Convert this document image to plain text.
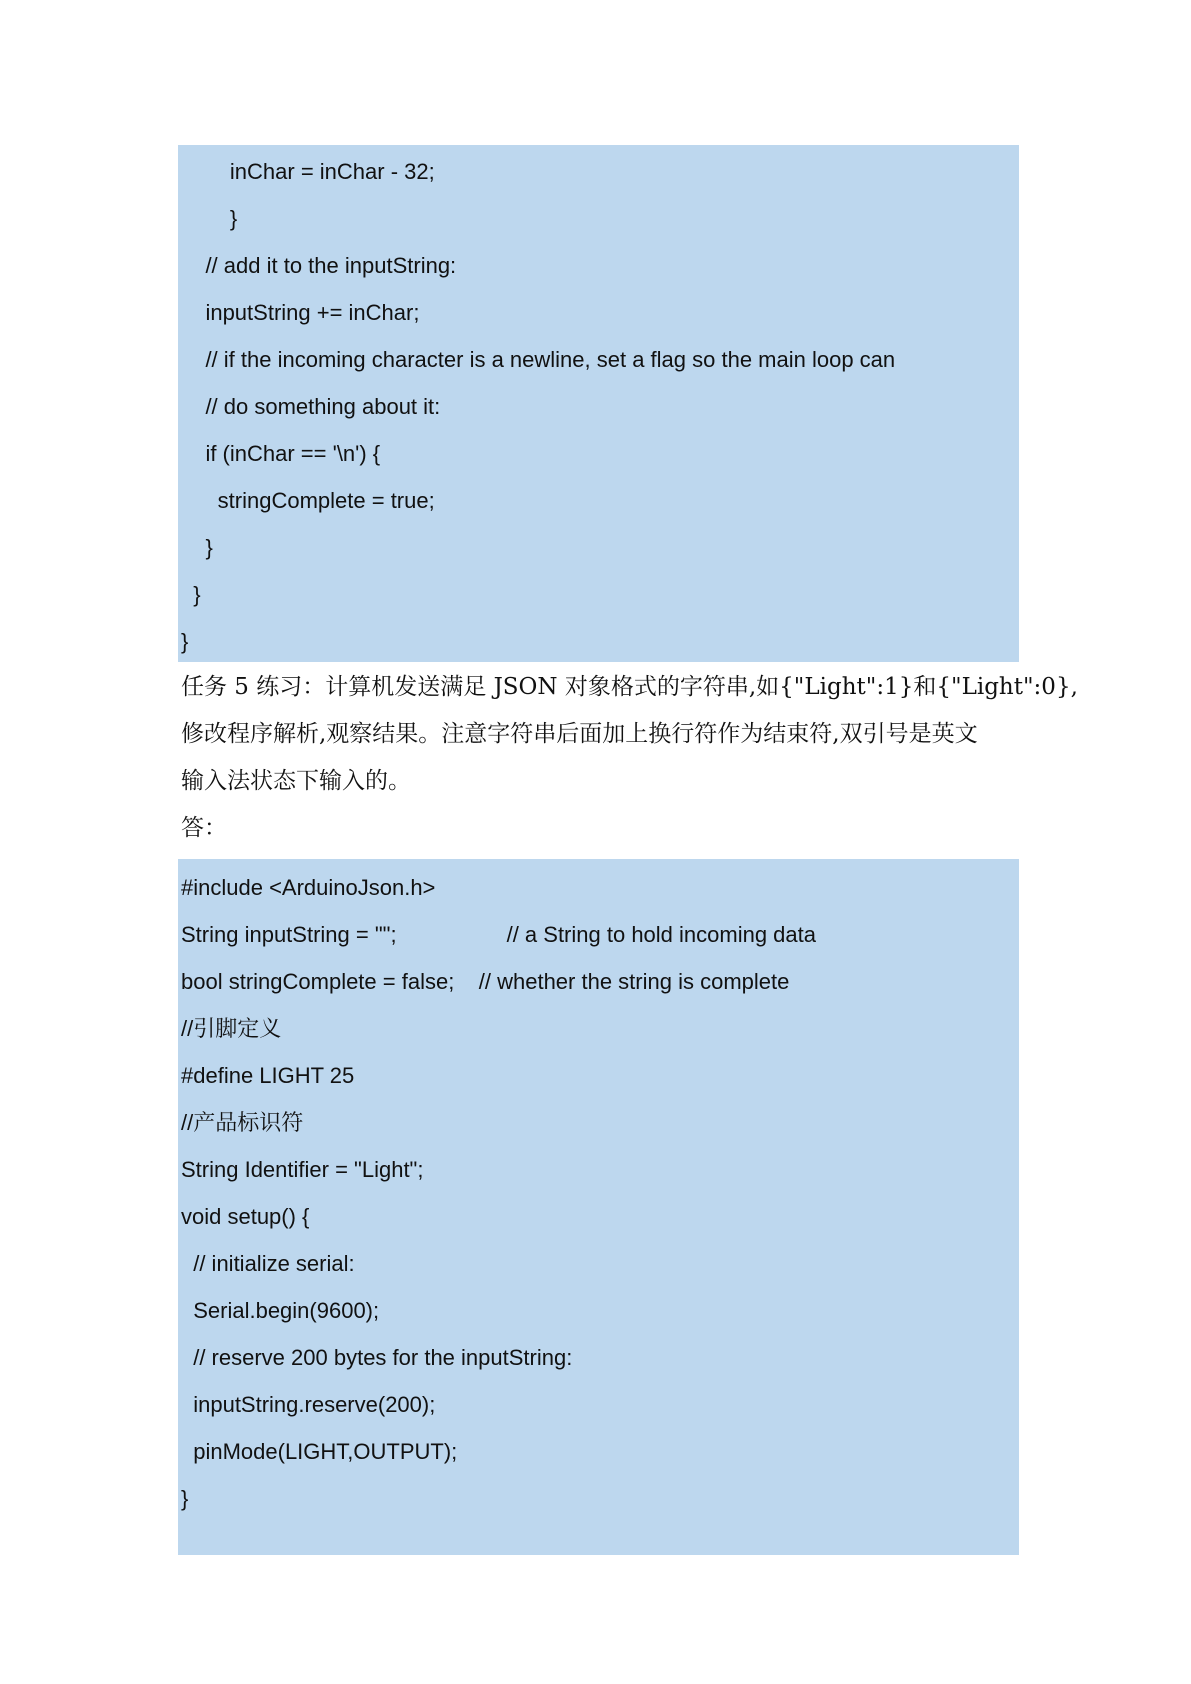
inChar = inChar - 32;
}
// add it to the inputString:
inputString += inChar;
// if the incoming character is a newline, set a flag so the main loop can
// do something about it:
if (inChar == '\n') {
stringComplete = true;
}
}
}
任务 5 练习：计算机发送满足 JSON 对象格式的字符串,如{"Light":1}和{"Light":0},
修改程序解析,观察结果。注意字符串后面加上换行符作为结束符,双引号是英文
输入法状态下输入的。
答：
#include <ArduinoJson.h>
String inputString = "";                  // a String to hold incoming data
bool stringComplete = false;    // whether the string is complete
//引脚定义
#define LIGHT 25
//产品标识符
String Identifier = "Light";
void setup() {
// initialize serial:
Serial.begin(9600);
// reserve 200 bytes for the inputString:
inputString.reserve(200);
pinMode(LIGHT,OUTPUT);
}
